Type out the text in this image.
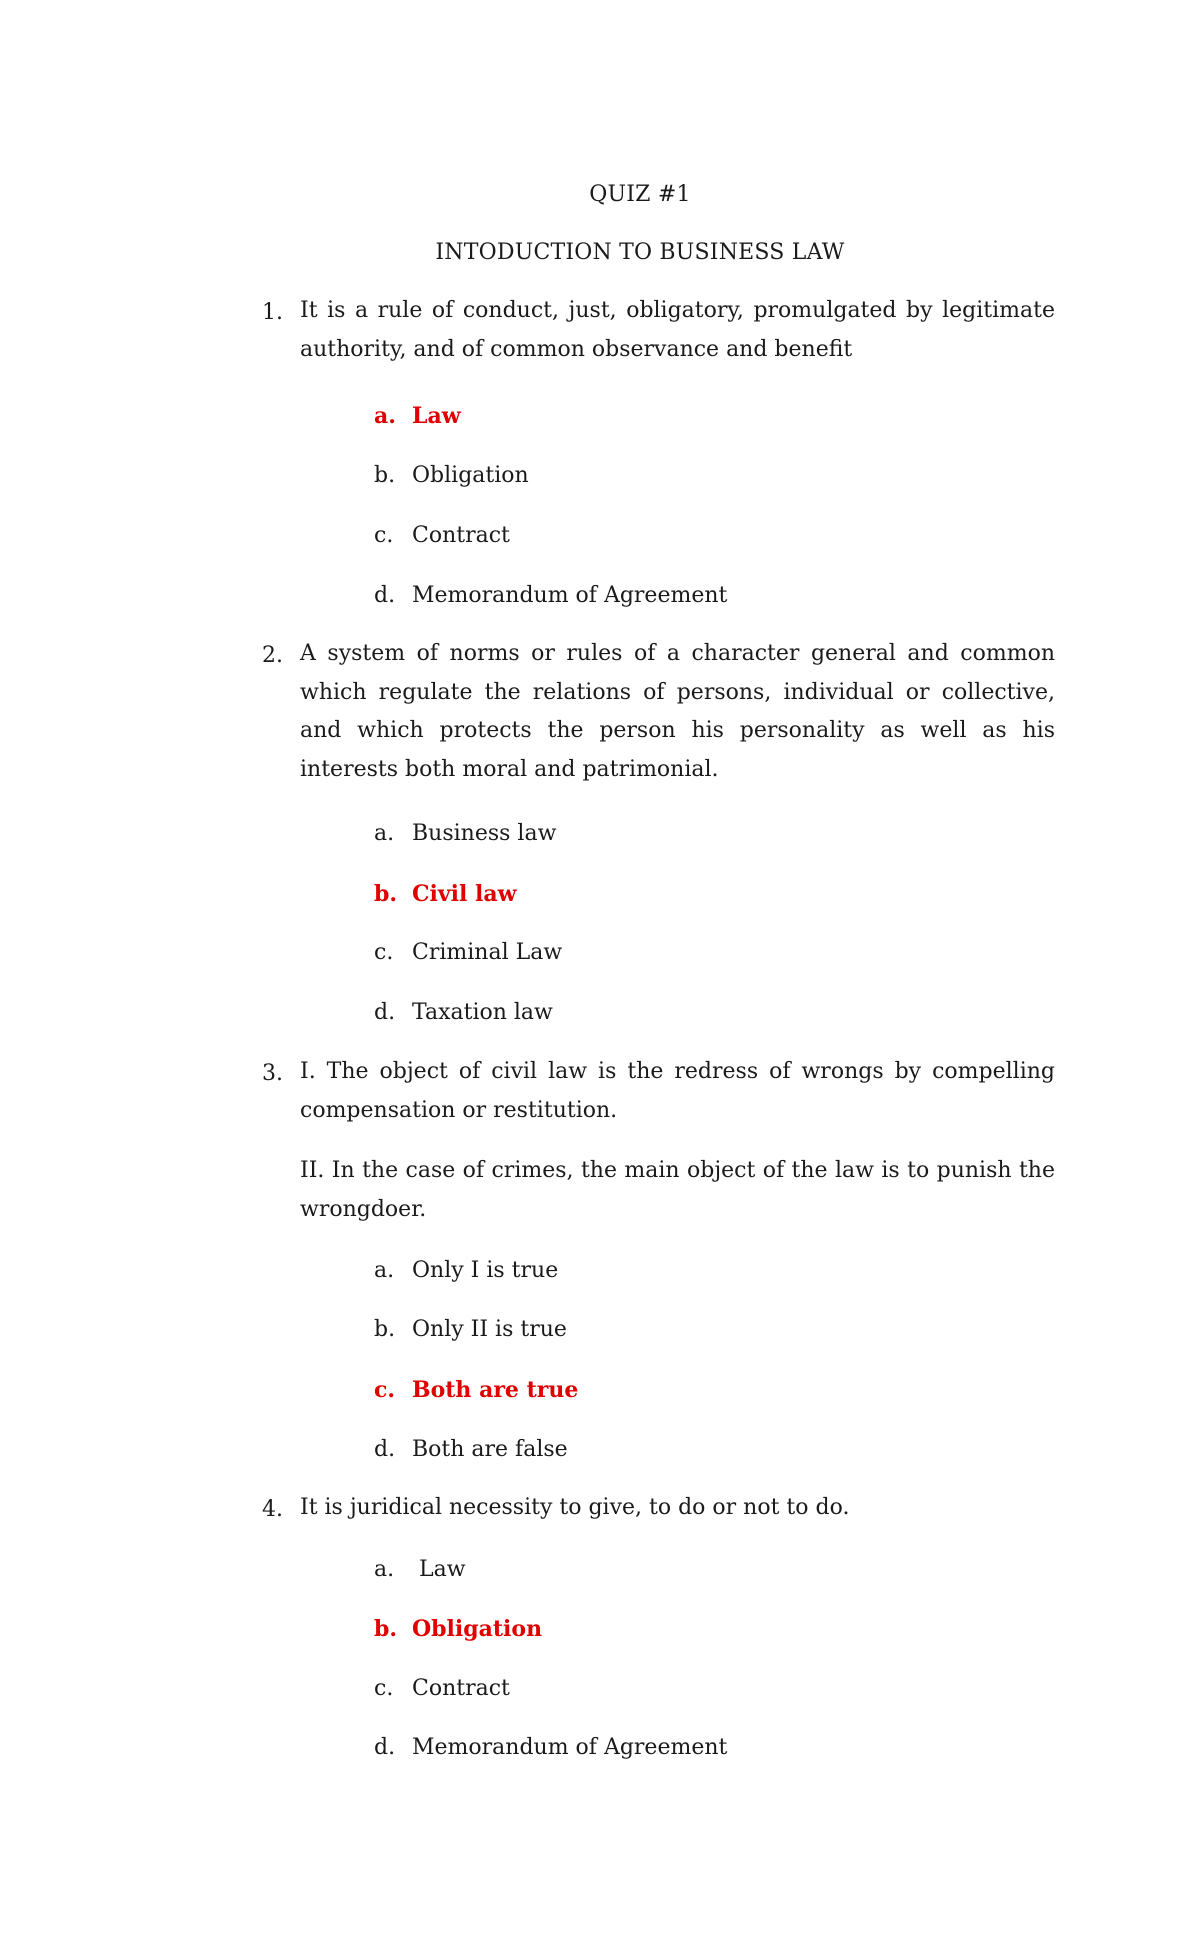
QUIZ #1
INTODUCTION TO BUSINESS LAW
1. It is a rule of conduct, just, obligatory, promulgated by legitimate authority, and of common observance and benefit
a. Law
b. Obligation
c. Contract
d. Memorandum of Agreement
2. A system of norms or rules of a character general and common which regulate the relations of persons, individual or collective, and which protects the person his personality as well as his interests both moral and patrimonial.
a. Business law
b. Civil law
c. Criminal Law
d. Taxation law
3. I. The object of civil law is the redress of wrongs by compelling compensation or restitution.
II. In the case of crimes, the main object of the law is to punish the wrongdoer.
a. Only I is true
b. Only II is true
c. Both are true
d. Both are false
4. It is juridical necessity to give, to do or not to do.
a. Law
b. Obligation
c. Contract
d. Memorandum of Agreement
